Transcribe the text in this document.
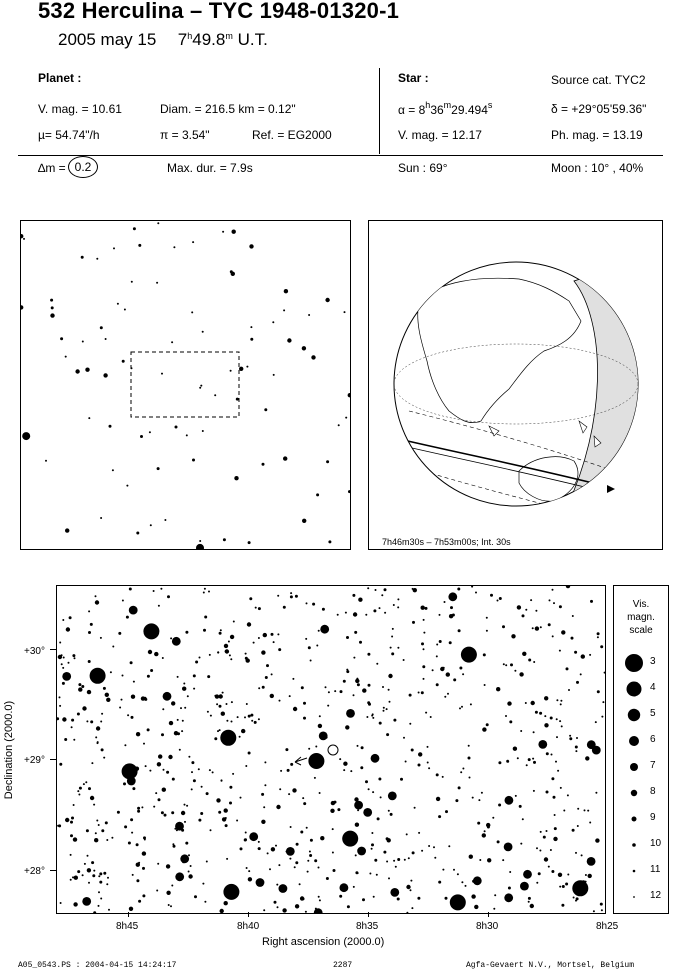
532 Herculina – TYC 1948-01320-1
2005 may 15 7$^h$49.8$^m$ U.T.
Planet :
V. mag. = 10.61	Diam. = 216.5 km = 0.12"
µ= 54.74"/h	π = 3.54"	Ref. = EG2000
∆m = 0.2	Max. dur. = 7.9s
Star :	Source cat. TYC2
$\alpha = 8^h36^m29.494^s$	δ = +29°05'59.36"
V. mag. = 12.17	Ph. mag. = 13.19
Sun : 69°	Moon : 10° , 40%
7h46m30s – 7h53m00s; Int. 30s
+30°
+29°
+28°
8h45	8h40	8h35	8h30	8h25
Right ascension (2000.0)
Declination (2000.0)
Vis.
magn.
scale
3
4
5
6
7
8
9
10
11
12
A05_0543.PS : 2004-04-15 14:24:17	2287	Agfa-Gevaert N.V., Mortsel, Belgium
